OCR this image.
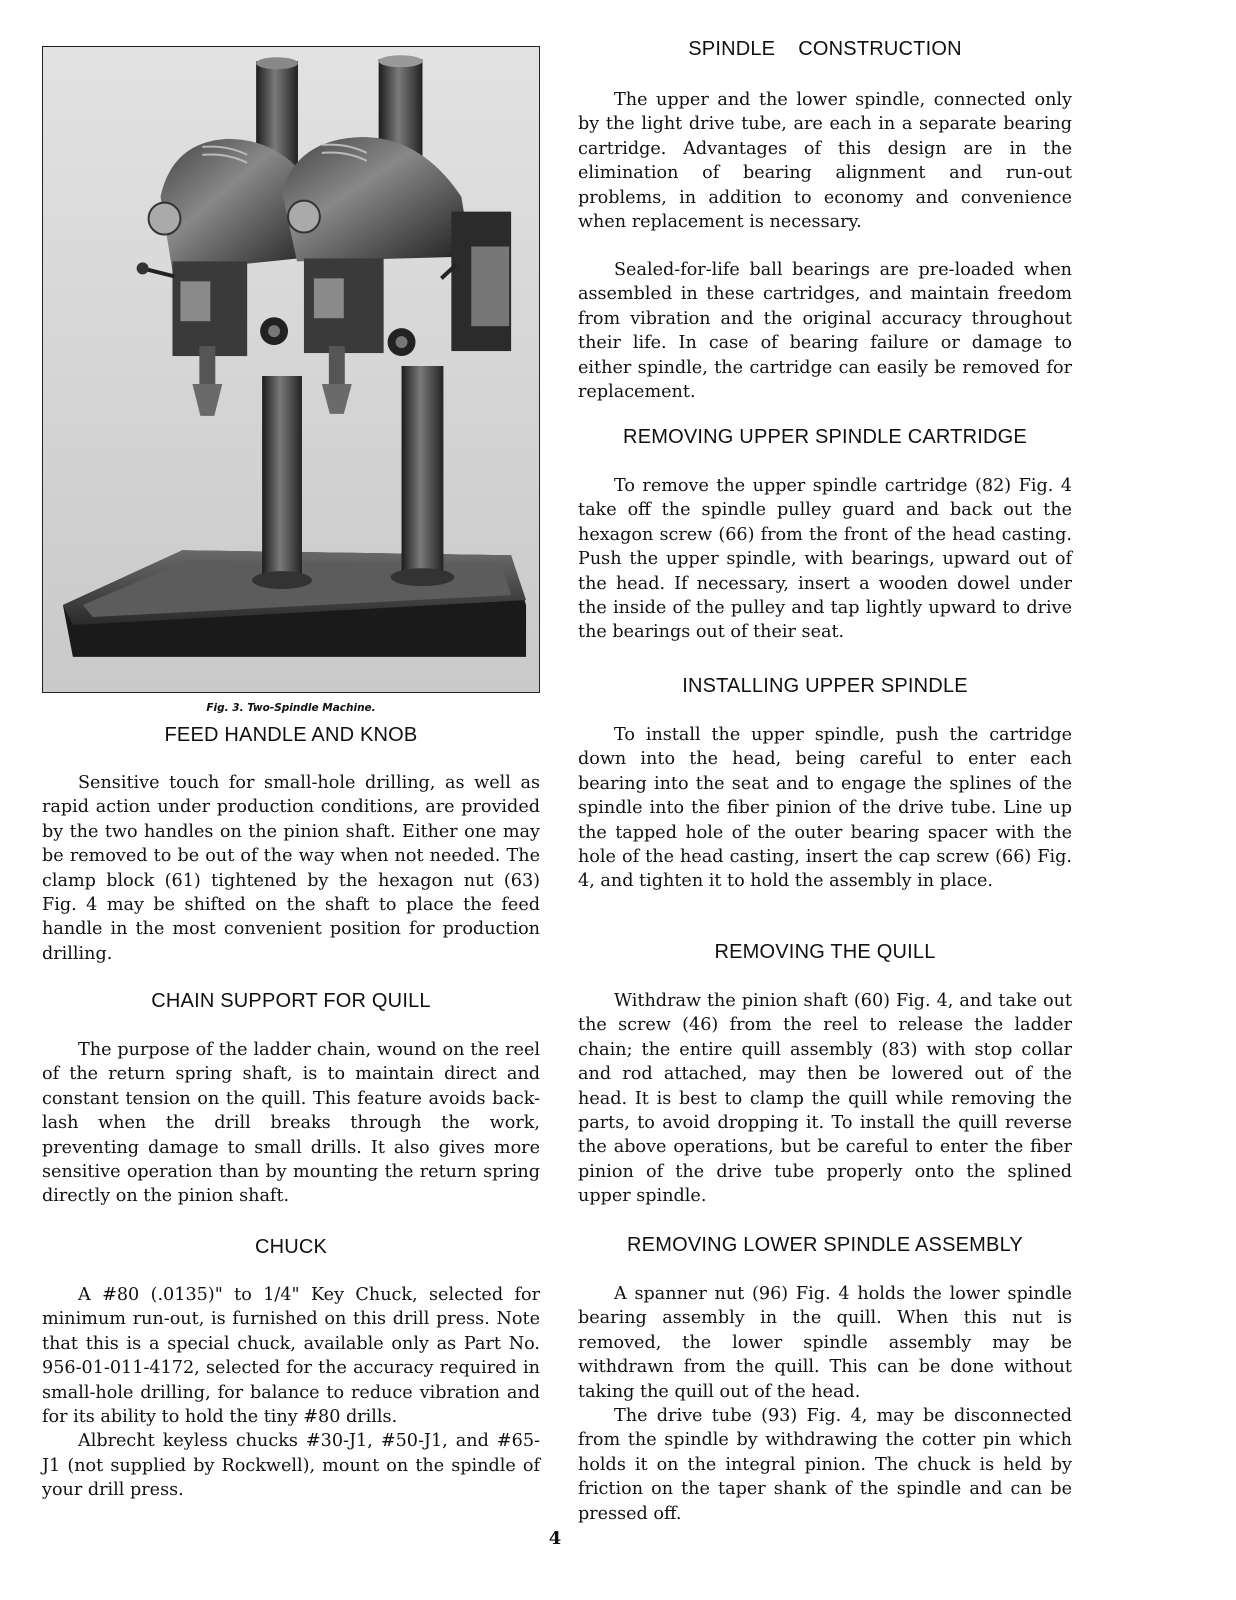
Fig. 3. Two-Spindle Machine.
FEED HANDLE AND KNOB

Sensitive touch for small-hole drilling, as well as rapid action under production conditions, are provided by the two handles on the pinion shaft. Either one may be removed to be out of the way when not needed. The clamp block (61) tightened by the hexagon nut (63) Fig. 4 may be shifted on the shaft to place the feed handle in the most convenient position for production drilling.

CHAIN SUPPORT FOR QUILL

The purpose of the ladder chain, wound on the reel of the return spring shaft, is to maintain direct and constant tension on the quill. This feature avoids back-lash when the drill breaks through the work, preventing damage to small drills. It also gives more sensitive operation than by mounting the return spring directly on the pinion shaft.

CHUCK

A #80 (.0135)" to 1/4" Key Chuck, selected for minimum run-out, is furnished on this drill press. Note that this is a special chuck, available only as Part No. 956-01-011-4172, selected for the accuracy required in small-hole drilling, for balance to reduce vibration and for its ability to hold the tiny #80 drills.

Albrecht keyless chucks #30-J1, #50-J1, and #65-J1 (not supplied by Rockwell), mount on the spindle of your drill press.

SPINDLE    CONSTRUCTION

The upper and the lower spindle, connected only by the light drive tube, are each in a separate bearing cartridge. Advantages of this design are in the elimination of bearing alignment and run-out problems, in addition to economy and convenience when replacement is necessary.

Sealed-for-life ball bearings are pre-loaded when assembled in these cartridges, and maintain freedom from vibration and the original accuracy throughout their life. In case of bearing failure or damage to either spindle, the cartridge can easily be removed for replacement.

REMOVING UPPER SPINDLE CARTRIDGE

To remove the upper spindle cartridge (82) Fig. 4 take off the spindle pulley guard and back out the hexagon screw (66) from the front of the head casting. Push the upper spindle, with bearings, upward out of the head. If necessary, insert a wooden dowel under the inside of the pulley and tap lightly upward to drive the bearings out of their seat.

INSTALLING UPPER SPINDLE

To install the upper spindle, push the cartridge down into the head, being careful to enter each bearing into the seat and to engage the splines of the spindle into the fiber pinion of the drive tube. Line up the tapped hole of the outer bearing spacer with the hole of the head casting, insert the cap screw (66) Fig. 4, and tighten it to hold the assembly in place.

REMOVING THE QUILL

Withdraw the pinion shaft (60) Fig. 4, and take out the screw (46) from the reel to release the ladder chain; the entire quill assembly (83) with stop collar and rod attached, may then be lowered out of the head. It is best to clamp the quill while removing the parts, to avoid dropping it. To install the quill reverse the above operations, but be careful to enter the fiber pinion of the drive tube properly onto the splined upper spindle.

REMOVING LOWER SPINDLE ASSEMBLY

A spanner nut (96) Fig. 4 holds the lower spindle bearing assembly in the quill. When this nut is removed, the lower spindle assembly may be withdrawn from the quill. This can be done without taking the quill out of the head.

The drive tube (93) Fig. 4, may be disconnected from the spindle by withdrawing the cotter pin which holds it on the integral pinion. The chuck is held by friction on the taper shank of the spindle and can be pressed off.

4
